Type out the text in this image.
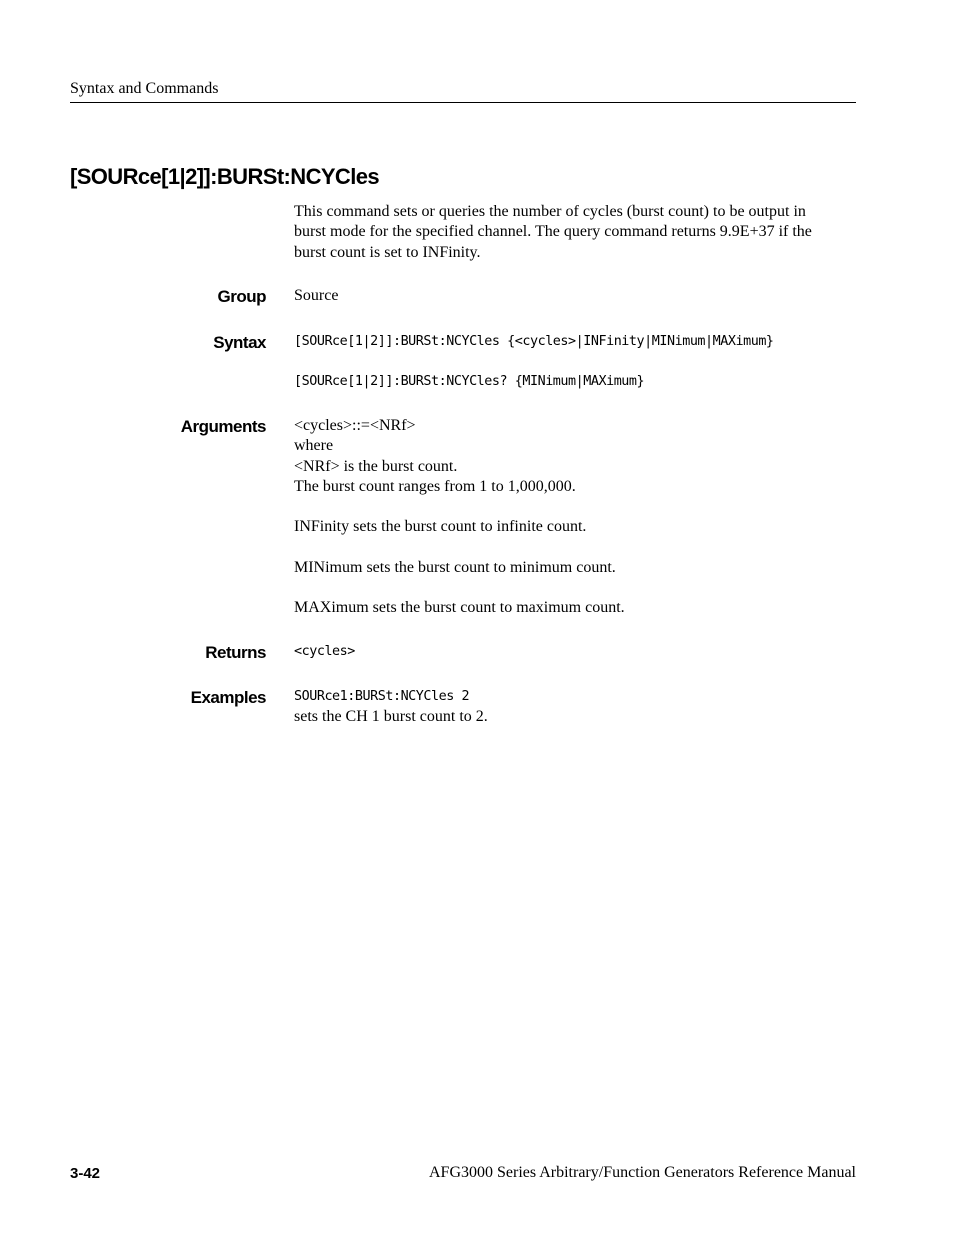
Syntax and Commands
[SOURce[1|2]]:BURSt:NCYCles
This command sets or queries the number of cycles (burst count) to be output in
burst mode for the specified channel. The query command returns 9.9E+37 if the
burst count is set to INFinity.
Group Source
Syntax [SOURce[1|2]]:BURSt:NCYCles {<cycles>|INFinity|MINimum|MAXimum}
[SOURce[1|2]]:BURSt:NCYCles? {MINimum|MAXimum}
Arguments <cycles>::=<NRf>
where
<NRf> is the burst count.
The burst count ranges from 1 to 1,000,000.
INFinity sets the burst count to infinite count.
MINimum sets the burst count to minimum count.
MAXimum sets the burst count to maximum count.
Returns <cycles>
Examples SOURce1:BURSt:NCYCles 2
sets the CH 1 burst count to 2.
3-42	AFG3000 Series Arbitrary/Function Generators Reference Manual
